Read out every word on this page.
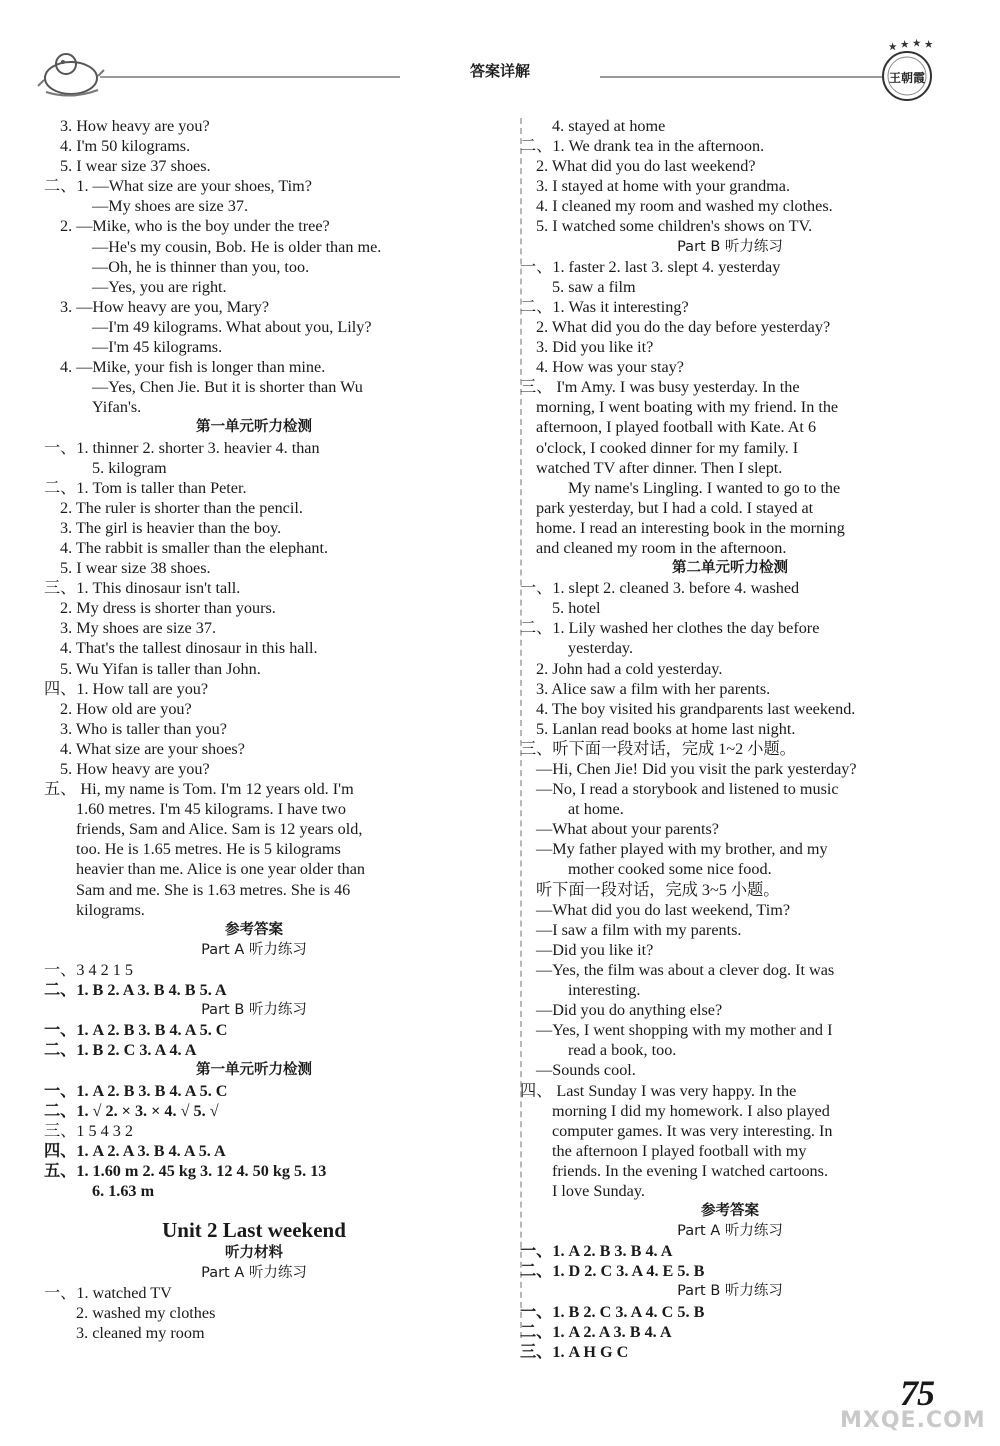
答案详解	王朝霞
3. How heavy are you?
4. I'm 50 kilograms.
5. I wear size 37 shoes.
二、1. —What size are your shoes, Tim?
—My shoes are size 37.
2. —Mike, who is the boy under the tree?
—He's my cousin, Bob. He is older than me.
—Oh, he is thinner than you, too.
—Yes, you are right.
3. —How heavy are you, Mary?
—I'm 49 kilograms. What about you, Lily?
—I'm 45 kilograms.
4. —Mike, your fish is longer than mine.
—Yes, Chen Jie. But it is shorter than Wu
Yifan's.
第一单元听力检测
一、1. thinner 2. shorter 3. heavier 4. than
5. kilogram
二、1. Tom is taller than Peter.
2. The ruler is shorter than the pencil.
3. The girl is heavier than the boy.
4. The rabbit is smaller than the elephant.
5. I wear size 38 shoes.
三、1. This dinosaur isn't tall.
2. My dress is shorter than yours.
3. My shoes are size 37.
4. That's the tallest dinosaur in this hall.
5. Wu Yifan is taller than John.
四、1. How tall are you?
2. How old are you?
3. Who is taller than you?
4. What size are your shoes?
5. How heavy are you?
五、 Hi, my name is Tom. I'm 12 years old. I'm
1.60 metres. I'm 45 kilograms. I have two
friends, Sam and Alice. Sam is 12 years old,
too. He is 1.65 metres. He is 5 kilograms
heavier than me. Alice is one year older than
Sam and me. She is 1.63 metres. She is 46
kilograms.
参考答案
Part A 听力练习
一、3 4 2 1 5
二、1. B 2. A 3. B 4. B 5. A
Part B 听力练习
一、1. A 2. B 3. B 4. A 5. C
二、1. B 2. C 3. A 4. A
第一单元听力检测
一、1. A 2. B 3. B 4. A 5. C
二、1. √ 2. × 3. × 4. √ 5. √
三、1 5 4 3 2
四、1. A 2. A 3. B 4. A 5. A
五、1. 1.60 m 2. 45 kg 3. 12 4. 50 kg 5. 13
6. 1.63 m
Unit 2 Last weekend
听力材料
Part A 听力练习
一、1. watched TV
2. washed my clothes
3. cleaned my room
4. stayed at home
二、1. We drank tea in the afternoon.
2. What did you do last weekend?
3. I stayed at home with your grandma.
4. I cleaned my room and washed my clothes.
5. I watched some children's shows on TV.
Part B 听力练习
一、1. faster 2. last 3. slept 4. yesterday
5. saw a film
二、1. Was it interesting?
2. What did you do the day before yesterday?
3. Did you like it?
4. How was your stay?
三、 I'm Amy. I was busy yesterday. In the
morning, I went boating with my friend. In the
afternoon, I played football with Kate. At 6
o'clock, I cooked dinner for my family. I
watched TV after dinner. Then I slept.
My name's Lingling. I wanted to go to the
park yesterday, but I had a cold. I stayed at
home. I read an interesting book in the morning
and cleaned my room in the afternoon.
第二单元听力检测
一、1. slept 2. cleaned 3. before 4. washed
5. hotel
二、1. Lily washed her clothes the day before
yesterday.
2. John had a cold yesterday.
3. Alice saw a film with her parents.
4. The boy visited his grandparents last weekend.
5. Lanlan read books at home last night.
三、听下面一段对话，完成 1~2 小题。
—Hi, Chen Jie! Did you visit the park yesterday?
—No, I read a storybook and listened to music
at home.
—What about your parents?
—My father played with my brother, and my
mother cooked some nice food.
听下面一段对话，完成 3~5 小题。
—What did you do last weekend, Tim?
—I saw a film with my parents.
—Did you like it?
—Yes, the film was about a clever dog. It was
interesting.
—Did you do anything else?
—Yes, I went shopping with my mother and I
read a book, too.
—Sounds cool.
四、 Last Sunday I was very happy. In the
morning I did my homework. I also played
computer games. It was very interesting. In
the afternoon I played football with my
friends. In the evening I watched cartoons.
I love Sunday.
参考答案
Part A 听力练习
一、1. A 2. B 3. B 4. A
二、1. D 2. C 3. A 4. E 5. B
Part B 听力练习
一、1. B 2. C 3. A 4. C 5. B
二、1. A 2. A 3. B 4. A
三、1. A H G C
75
MXQE.COM
